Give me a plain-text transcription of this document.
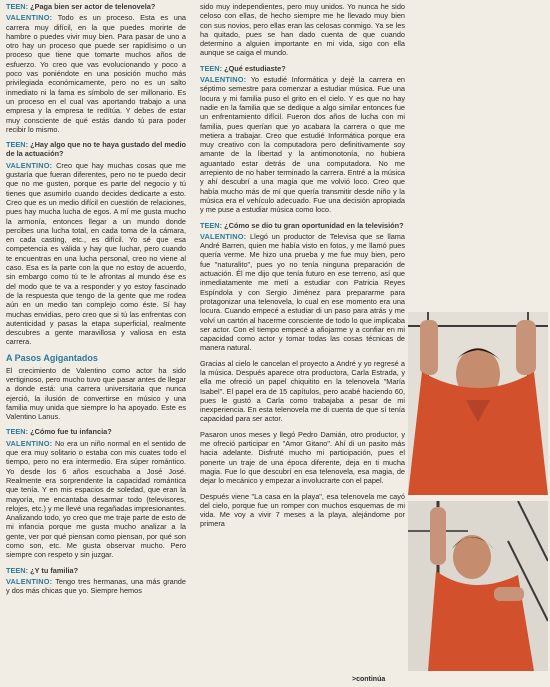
TEEN: ¿Paga bien ser actor de telenovela?

VALENTINO: Todo es un proceso. Esta es una carrera muy difícil, en la que puedes morirte de hambre o puedes vivir muy bien. Para pasar de uno a otro hay un proceso que puede ser rapidísimo o un proceso que tiene que tomarte muchos años de esfuerzo. Yo creo que vas evolucionando y poco a poco vas poniéndote en una posición mucho más privilegiada económicamente, pero no es un salto inmediato ni la fama es símbolo de ser millonario. Es un proceso en el cual vas aportando trabajo a una empresa y la empresa te redítúa. Y debes de estar muy consciente de qué estás dando tú para poder recibir lo mismo.

TEEN: ¿Hay algo que no te haya gustado del medio de la actuación?

VALENTINO: Creo que hay muchas cosas que me gustaría que fueran diferentes, pero no te puedo decir que no me gusten, porque es parte del negocio y tú tienes que asumirlo cuando decides dedicarte a esto. Creo que es un medio difícil en cuestión de relaciones, pues hay mucha lucha de egos. A mí me gusta mucho la armonía, entonces llegar a un mundo donde percibes una lucha total, en cada toma de la cámara, en cada casting, etc., es difícil. Yo sé que esa competencia es válida y hay que luchar, pero cuando te encuentras en una lucha personal, creo no viene al caso. Esa es la parte con la que no estoy de acuerdo, sin embargo como tú te le afrontas al mundo ése es del modo que te va a responder y yo estoy fascinado de la respuesta que tengo de la gente que me rodea aún en un medio tan complejo como éste. Sí hay muchas envidias, pero creo que si tú las enfrentas con autenticidad y pasas la etapa superficial, realmente descubres a gente maravillosa y valiosa en esta carrera.

A Pasos Agigantados

El crecimiento de Valentino como actor ha sido vertiginoso, pero mucho tuvo que pasar antes de llegar a donde está: una carrera universitaria que nunca ejerció, la ilusión de convertirse en músico y una familia muy unida que siempre lo ha apoyado. Este es Valentino Lanus.

TEEN: ¿Cómo fue tu infancia?

VALENTINO: No era un niño normal en el sentido de que era muy solitario o estaba con mis cuates todo el tiempo, pero no era intermedio. Era súper romántico. Yo desde los 6 años escuchaba a José José. Realmente era sorprendente la capacidad romántica que tenía. Y en mis espacios de soledad, que eran la mayoría, me encantaba desarmar todo (televisores, relojes, etc.) y me llevé una regañadas impresionantes. Analizando todo, yo creo que me traje parte de esto de mi infancia porque me gusta mucho analizar a la gente, ver por qué piensan como piensan, por qué son como son, etc. Me gusta observar mucho. Pero siempre con respeto y sin juzgar.

TEEN: ¿Y tu familia?

VALENTINO: Tengo tres hermanas, una más grande y dos más chicas que yo. Siempre hemos

sido muy independientes, pero muy unidos. Yo nunca he sido celoso con ellas, de hecho siempre me he llevado muy bien con sus novios, pero ellas eran las celosas conmigo. Ya se les ha quitado, pues se han dado cuenta de que cuando determino a alguien importante en mi vida, sigo con ella aunque se caiga el mundo.

TEEN: ¿Qué estudiaste?

VALENTINO: Yo estudié Informática y dejé la carrera en séptimo semestre para comenzar a estudiar música. Fue una locura y mi familia puso el grito en el cielo. Y es que no hay nadie en la familia que se dedique a algo similar entonces fue un enfrentamiento difícil. Fueron dos años de lucha con mi familia, pues querían que yo acabara la carrera o que me metiera a trabajar. Creo que estudié Informática porque era muy creativo con la computadora pero definitivamente soy amante de la libertad y la antimonotonía, no hubiera aguantado estar detrás de una computadora. No me arrepiento de no haber terminado la carrera. Entré a la música y ahí descubrí a una magia que me volvió loco. Creo que había mucho más de mí que quería transmitir desde niño y la música era el vehículo adecuado. Fue una decisión apropiada y me puse a estudiar música como loco.

TEEN: ¿Cómo se dio tu gran oportunidad en la televisión?

VALENTINO: Llegó un productor de Televisa que se llama André Barren, quien me había visto en fotos, y me llamó pues quería verme. Me hizo una prueba y me fue muy bien, pero fue "naturalito", pues yo no tenía ninguna preparación de actuación. Él me dijo que tenía futuro en ese terreno, así que inmediatamente me metí a estudiar con Patricia Reyes Espíndola y con Sergio Jiménez para prepararme para protagonizar una telenovela, lo cual en ese momento era una locura. Cuando empecé a estudiar di un paso para atrás y me volví un cartón al hacerme consciente de todo lo que implicaba ser actor. Con el tiempo empecé a afiojarme y a confiar en mi capacidad como actor y tomar todas las cosas técnicas de manera natural.

Gracias al cielo le cancelan el proyecto a André y yo regresé a la música. Después aparece otra productora, Carla Estrada, y ella me ofreció un papel chiquitito en la telenovela "María Isabel". El papel era de 15 capítulos, pero acabé haciendo 60, pues le gustó a Carla como trabajaba a pesar de mi inexperiencia. En esta telenovela me di cuenta de que sí tenía capacidad para ser actor.

Pasaron unos meses y llegó Pedro Damián, otro productor, y me ofreció participar en "Amor Gitano". Ahí di un pasito más hacia adelante. Disfruté mucho mi participación, pues el ponerte un traje de una época diferente, deja en ti mucha magia. Fue lo que descubrí en esa telenovela, esa magia, de dejar lo mecánico y empezar a involucrarte con el papel.

Después viene "La casa en la playa", esa telenovela me cayó del cielo, porque fue un romper con muchos esquemas de mi vida. Me voy a vivir 7 meses a la playa, alejándome por primera

>continúa
